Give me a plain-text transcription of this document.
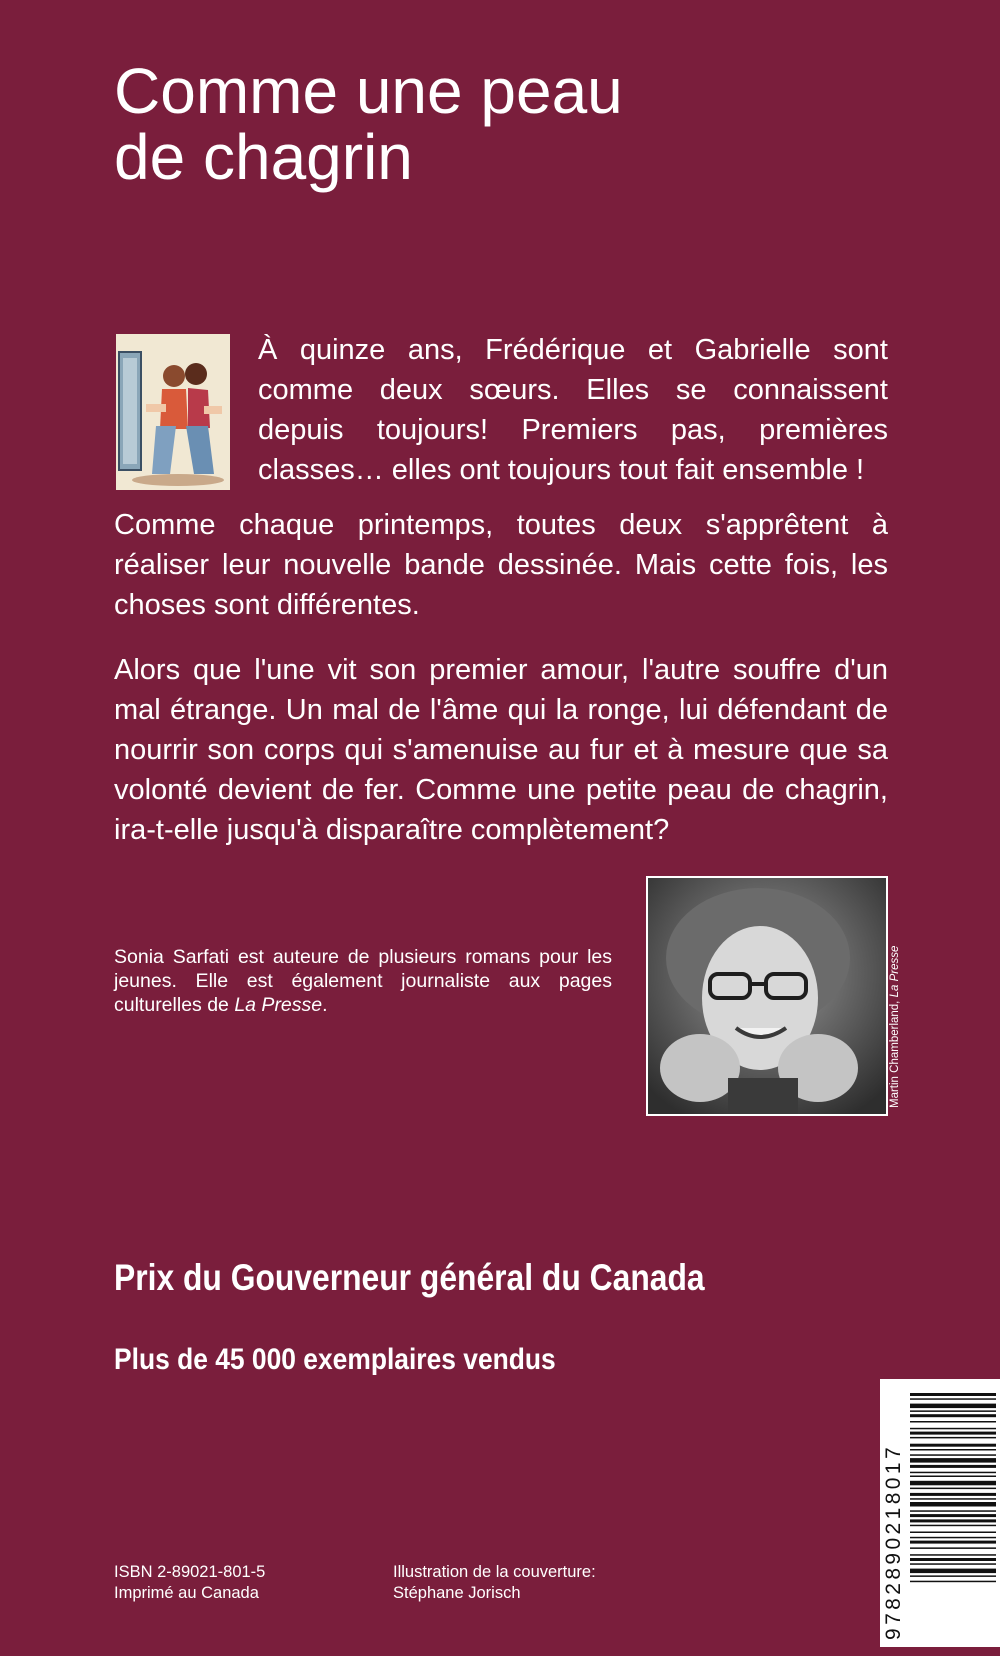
Comme une peau
de chagrin

À quinze ans, Frédérique et Gabrielle sont comme deux sœurs. Elles se connaissent depuis toujours! Premiers pas, premières classes… elles ont toujours tout fait ensemble !

Comme chaque printemps, toutes deux s'apprêtent à réaliser leur nouvelle bande dessinée. Mais cette fois, les choses sont différentes.

Alors que l'une vit son premier amour, l'autre souffre d'un mal étrange. Un mal de l'âme qui la ronge, lui défendant de nourrir son corps qui s'amenuise au fur et à mesure que sa volonté devient de fer. Comme une petite peau de chagrin, ira-t-elle jusqu'à disparaître complètement?

Sonia Sarfati est auteure de plusieurs romans pour les jeunes. Elle est également journaliste aux pages culturelles de La Presse.	Martin Chamberland, La Presse
Prix du Gouverneur général du Canada
Plus de 45 000 exemplaires vendus
9782890218017
ISBN 2-89021-801-5
Imprimé au Canada
Illustration de la couverture:
Stéphane Jorisch
